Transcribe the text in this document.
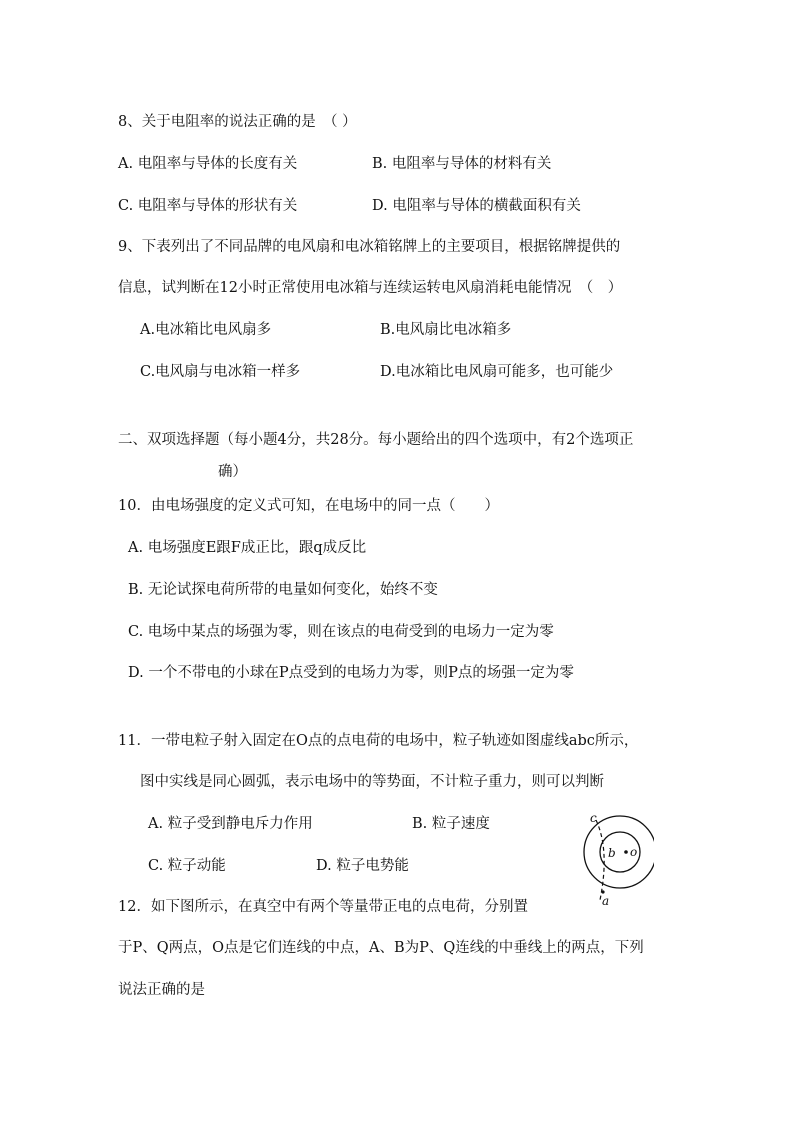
8、关于电阻率的说法正确的是　（ ）
A. 电阻率与导体的长度有关	B. 电阻率与导体的材料有关
C. 电阻率与导体的形状有关	D. 电阻率与导体的横截面积有关
9、下表列出了不同品牌的电风扇和电冰箱铭牌上的主要项目，根据铭牌提供的
信息，试判断在12小时正常使用电冰箱与连续运转电风扇消耗电能情况　（　）
A.电冰箱比电风扇多	B.电风扇比电冰箱多
C.电风扇与电冰箱一样多	D.电冰箱比电风扇可能多，也可能少
二、双项选择题（每小题4分，共28分。每小题给出的四个选项中，有2个选项正
确）
10．由电场强度的定义式可知，在电场中的同一点（　　）
A. 电场强度E跟F成正比，跟q成反比
B. 无论试探电荷所带的电量如何变化，始终不变
C. 电场中某点的场强为零，则在该点的电荷受到的电场力一定为零
D. 一个不带电的小球在P点受到的电场力为零，则P点的场强一定为零
11．一带电粒子射入固定在O点的点电荷的电场中，粒子轨迹如图虚线abc所示，
图中实线是同心圆弧，表示电场中的等势面，不计粒子重力，则可以判断
A. 粒子受到静电斥力作用	B. 粒子速度
C. 粒子动能	D. 粒子电势能
o
b
c
a
12．如下图所示，在真空中有两个等量带正电的点电荷，分别置
于P、Q两点，O点是它们连线的中点，A、B为P、Q连线的中垂线上的两点，下列
说法正确的是
